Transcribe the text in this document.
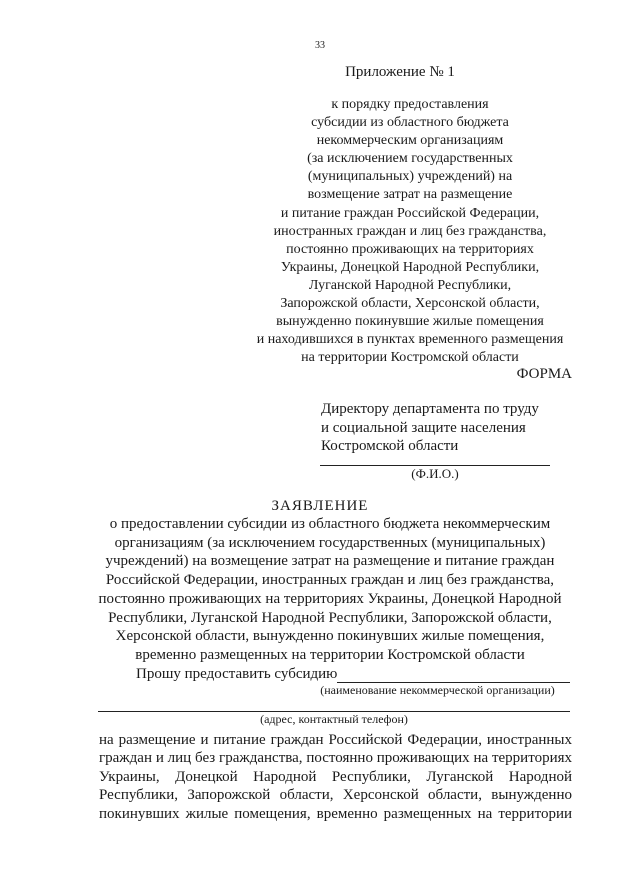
33
Приложение № 1
к порядку предоставления
субсидии из областного бюджета
некоммерческим организациям
(за исключением государственных
(муниципальных) учреждений) на
возмещение затрат на размещение
и питание граждан Российской Федерации,
иностранных граждан и лиц без гражданства,
постоянно проживающих на территориях
Украины, Донецкой Народной Республики,
Луганской Народной Республики,
Запорожской области, Херсонской области,
вынужденно покинувшие жилые помещения
и находившихся в пунктах временного размещения
на территории Костромской области
ФОРМА
Директору департамента по труду
и социальной защите населения
Костромской области
(Ф.И.О.)
ЗАЯВЛЕНИЕ
о предоставлении субсидии из областного бюджета некоммерческим
организациям (за исключением государственных (муниципальных)
учреждений) на возмещение затрат на размещение и питание граждан
Российской Федерации, иностранных граждан и лиц без гражданства,
постоянно проживающих на территориях Украины, Донецкой Народной
Республики, Луганской Народной Республики, Запорожской области,
Херсонской области, вынужденно покинувших жилые помещения,
временно размещенных на территории Костромской области
Прошу предоставить субсидию
(наименование некоммерческой организации)
(адрес, контактный телефон)
на размещение и питание граждан Российской Федерации, иностранных
граждан и лиц без гражданства, постоянно проживающих на территориях
Украины, Донецкой Народной Республики, Луганской Народной
Республики, Запорожской области, Херсонской области, вынужденно
покинувших жилые помещения, временно размещенных на территории
